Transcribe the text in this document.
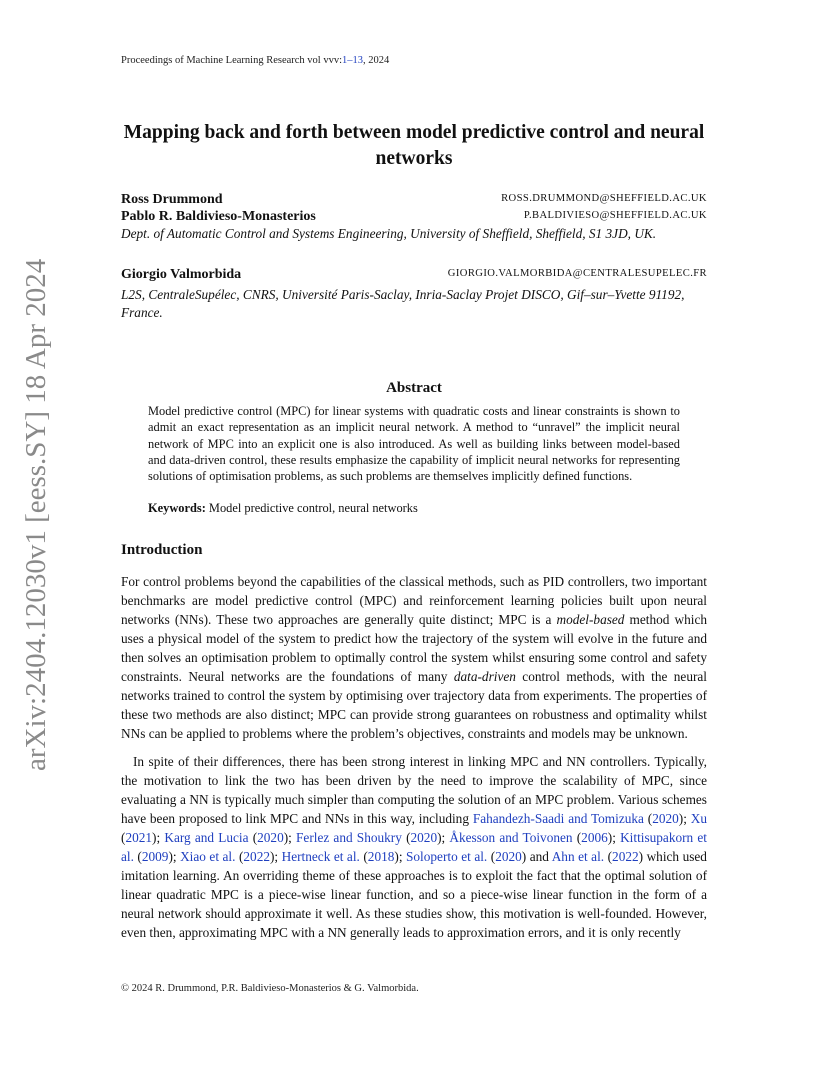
Proceedings of Machine Learning Research vol vvv:1–13, 2024
Mapping back and forth between model predictive control and neural networks
Ross Drummond	ROSS.DRUMMOND@SHEFFIELD.AC.UK
Pablo R. Baldivieso-Monasterios	P.BALDIVIESO@SHEFFIELD.AC.UK
Dept. of Automatic Control and Systems Engineering, University of Sheffield, Sheffield, S1 3JD, UK.
Giorgio Valmorbida	GIORGIO.VALMORBIDA@CENTRALESUPELEC.FR
L2S, CentraleSupélec, CNRS, Université Paris-Saclay, Inria-Saclay Projet DISCO, Gif–sur–Yvette 91192, France.
arXiv:2404.12030v1 [eess.SY] 18 Apr 2024	Abstract
Model predictive control (MPC) for linear systems with quadratic costs and linear constraints is shown to admit an exact representation as an implicit neural network. A method to “unravel” the implicit neural network of MPC into an explicit one is also introduced. As well as building links between model-based and data-driven control, these results emphasize the capability of implicit neural networks for representing solutions of optimisation problems, as such problems are themselves implicitly defined functions.
Keywords: Model predictive control, neural networks
Introduction

For control problems beyond the capabilities of the classical methods, such as PID controllers, two important benchmarks are model predictive control (MPC) and reinforcement learning policies built upon neural networks (NNs). These two approaches are generally quite distinct; MPC is a model-based method which uses a physical model of the system to predict how the trajectory of the system will evolve in the future and then solves an optimisation problem to optimally control the system whilst ensuring some control and safety constraints. Neural networks are the foundations of many data-driven control methods, with the neural networks trained to control the system by optimising over trajectory data from experiments. The properties of these two methods are also distinct; MPC can provide strong guarantees on robustness and optimality whilst NNs can be applied to problems where the problem’s objectives, constraints and models may be unknown.

In spite of their differences, there has been strong interest in linking MPC and NN controllers. Typically, the motivation to link the two has been driven by the need to improve the scalability of MPC, since evaluating a NN is typically much simpler than computing the solution of an MPC problem. Various schemes have been proposed to link MPC and NNs in this way, including Fahandezh-Saadi and Tomizuka (2020); Xu (2021); Karg and Lucia (2020); Ferlez and Shoukry (2020); Åkesson and Toivonen (2006); Kittisupakorn et al. (2009); Xiao et al. (2022); Hertneck et al. (2018); Soloperto et al. (2020) and Ahn et al. (2022) which used imitation learning. An overriding theme of these approaches is to exploit the fact that the optimal solution of linear quadratic MPC is a piece-wise linear function, and so a piece-wise linear function in the form of a neural network should approximate it well. As these studies show, this motivation is well-founded. However, even then, approximating MPC with a NN generally leads to approximation errors, and it is only recently

© 2024 R. Drummond, P.R. Baldivieso-Monasterios & G. Valmorbida.
